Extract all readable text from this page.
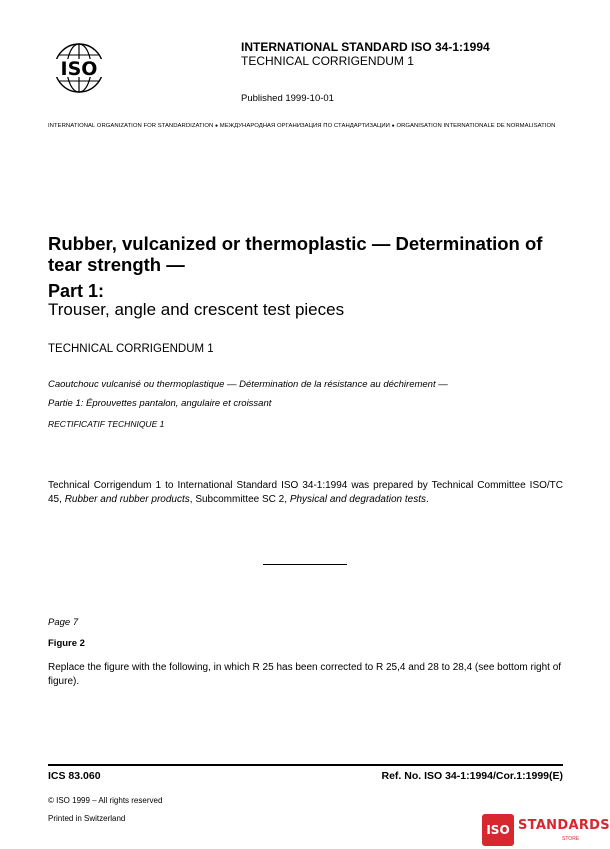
ISO
INTERNATIONAL STANDARD ISO 34-1:1994
TECHNICAL CORRIGENDUM 1
Published 1999-10-01
INTERNATIONAL ORGANIZATION FOR STANDARDIZATION ● МЕЖДУНАРОДНАЯ ОРГАНИЗАЦИЯ ПО СТАНДАРТИЗАЦИИ ● ORGANISATION INTERNATIONALE DE NORMALISATION
Rubber, vulcanized or thermoplastic — Determination of tear strength —
Part 1:
Trouser, angle and crescent test pieces
TECHNICAL CORRIGENDUM 1
Caoutchouc vulcanisé ou thermoplastique — Détermination de la résistance au déchirement —
Partie 1: Éprouvettes pantalon, angulaire et croissant
RECTIFICATIF TECHNIQUE 1
Technical Corrigendum 1 to International Standard ISO 34-1:1994 was prepared by Technical Committee ISO/TC 45, Rubber and rubber products, Subcommittee SC 2, Physical and degradation tests.
Page 7
Figure 2
Replace the figure with the following, in which R 25 has been corrected to R 25,4 and 28 to 28,4 (see bottom right of figure).
ICS 83.060	Ref. No. ISO 34-1:1994/Cor.1:1999(E)
© ISO 1999 – All rights reserved
Printed in Switzerland
ISO STANDARDS
STORE
